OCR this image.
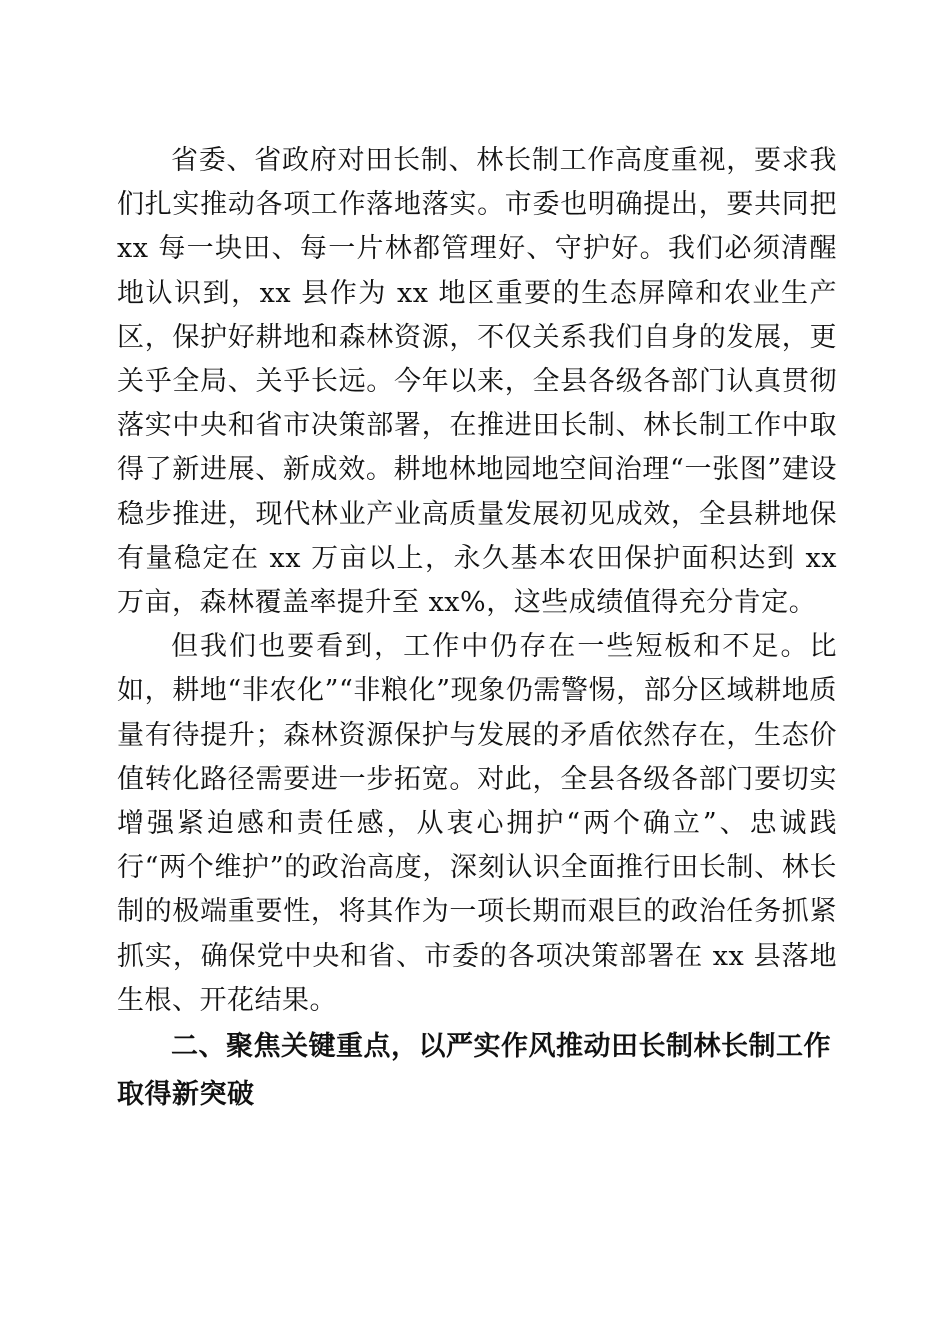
省委、省政府对田长制、林长制工作高度重视，要求我们扎实推动各项工作落地落实。市委也明确提出，要共同把 xx 每一块田、每一片林都管理好、守护好。我们必须清醒地认识到，xx 县作为 xx 地区重要的生态屏障和农业生产区，保护好耕地和森林资源，不仅关系我们自身的发展，更关乎全局、关乎长远。今年以来，全县各级各部门认真贯彻落实中央和省市决策部署，在推进田长制、林长制工作中取得了新进展、新成效。耕地林地园地空间治理“一张图”建设稳步推进，现代林业产业高质量发展初见成效，全县耕地保有量稳定在 xx 万亩以上，永久基本农田保护面积达到 xx 万亩，森林覆盖率提升至 xx%，这些成绩值得充分肯定。

但我们也要看到，工作中仍存在一些短板和不足。比如，耕地“非农化”“非粮化”现象仍需警惕，部分区域耕地质量有待提升；森林资源保护与发展的矛盾依然存在，生态价值转化路径需要进一步拓宽。对此，全县各级各部门要切实增强紧迫感和责任感，从衷心拥护“两个确立”、忠诚践行“两个维护”的政治高度，深刻认识全面推行田长制、林长制的极端重要性，将其作为一项长期而艰巨的政治任务抓紧抓实，确保党中央和省、市委的各项决策部署在 xx 县落地生根、开花结果。

二、聚焦关键重点，以严实作风推动田长制林长制工作取得新突破
